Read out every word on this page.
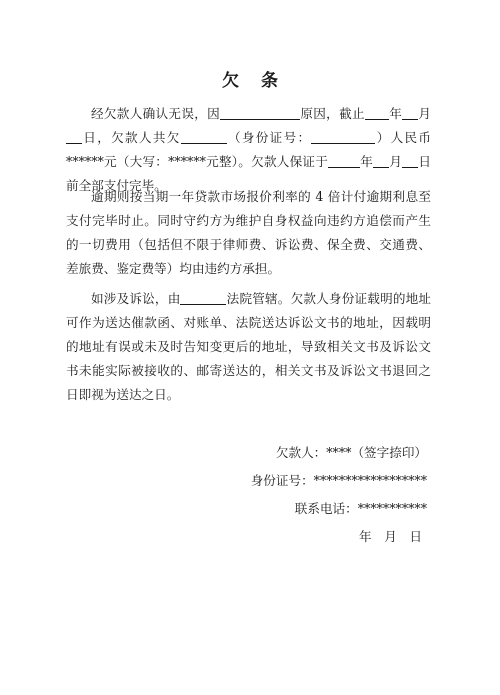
欠 条

经欠款人确认无误，因	原因，截止 年 月日，欠款人共欠	（身份证号：	）人民币******元（大写：******元整）。欠款人保证于	年 月 日前全部支付完毕。

逾期则按当期一年贷款市场报价利率的 4 倍计付逾期利息至支付完毕时止。同时守约方为维护自身权益向违约方追偿而产生的一切费用（包括但不限于律师费、诉讼费、保全费、交通费、差旅费、鉴定费等）均由违约方承担。

如涉及诉讼，由	法院管辖。欠款人身份证载明的地址可作为送达催款函、对账单、法院送达诉讼文书的地址，因载明的地址有误或未及时告知变更后的地址，导致相关文书及诉讼文书未能实际被接收的、邮寄送达的，相关文书及诉讼文书退回之日即视为送达之日。

欠款人：****（签字捺印）
身份证号：******************
联系电话：***********
年　月　日
